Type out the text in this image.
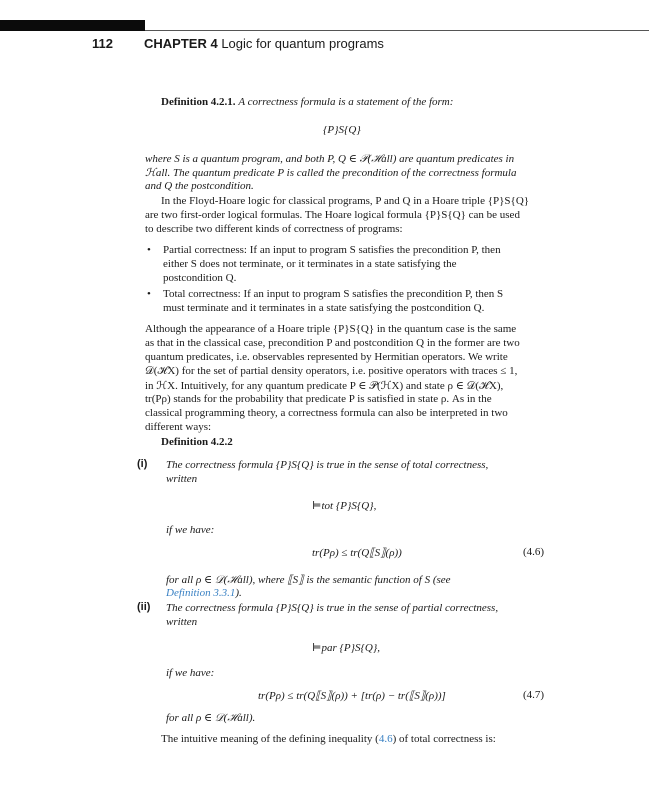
112 CHAPTER 4 Logic for quantum programs
Definition 4.2.1. A correctness formula is a statement of the form:
{P}S{Q}
where S is a quantum program, and both P, Q ∈ 𝒫(ℋall) are quantum predicates in
ℋall. The quantum predicate P is called the precondition of the correctness formula
and Q the postcondition.
In the Floyd-Hoare logic for classical programs, P and Q in a Hoare triple {P}S{Q}
are two first-order logical formulas. The Hoare logical formula {P}S{Q} can be used
to describe two different kinds of correctness of programs:
• Partial correctness: If an input to program S satisfies the precondition P, then
either S does not terminate, or it terminates in a state satisfying the
postcondition Q.
• Total correctness: If an input to program S satisfies the precondition P, then S
must terminate and it terminates in a state satisfying the postcondition Q.
Although the appearance of a Hoare triple {P}S{Q} in the quantum case is the same
as that in the classical case, precondition P and postcondition Q in the former are two
quantum predicates, i.e. observables represented by Hermitian operators. We write
𝒟(ℋX) for the set of partial density operators, i.e. positive operators with traces ≤ 1,
in ℋX. Intuitively, for any quantum predicate P ∈ 𝒫(ℋX) and state ρ ∈ 𝒟(ℋX),
tr(Pρ) stands for the probability that predicate P is satisfied in state ρ. As in the
classical programming theory, a correctness formula can also be interpreted in two
different ways:
Definition 4.2.2
(i) The correctness formula {P}S{Q} is true in the sense of total correctness,
written
⊨tot {P}S{Q},
if we have:
tr(Pρ) ≤ tr(Q⟦S⟧(ρ))	(4.6)
for all ρ ∈ 𝒟(ℋall), where ⟦S⟧ is the semantic function of S (see
Definition 3.3.1).
(ii) The correctness formula {P}S{Q} is true in the sense of partial correctness,
written
⊨par {P}S{Q},
if we have:
tr(Pρ) ≤ tr(Q⟦S⟧(ρ)) + [tr(ρ) − tr(⟦S⟧(ρ))]	(4.7)
for all ρ ∈ 𝒟(ℋall).
The intuitive meaning of the defining inequality (4.6) of total correctness is:
